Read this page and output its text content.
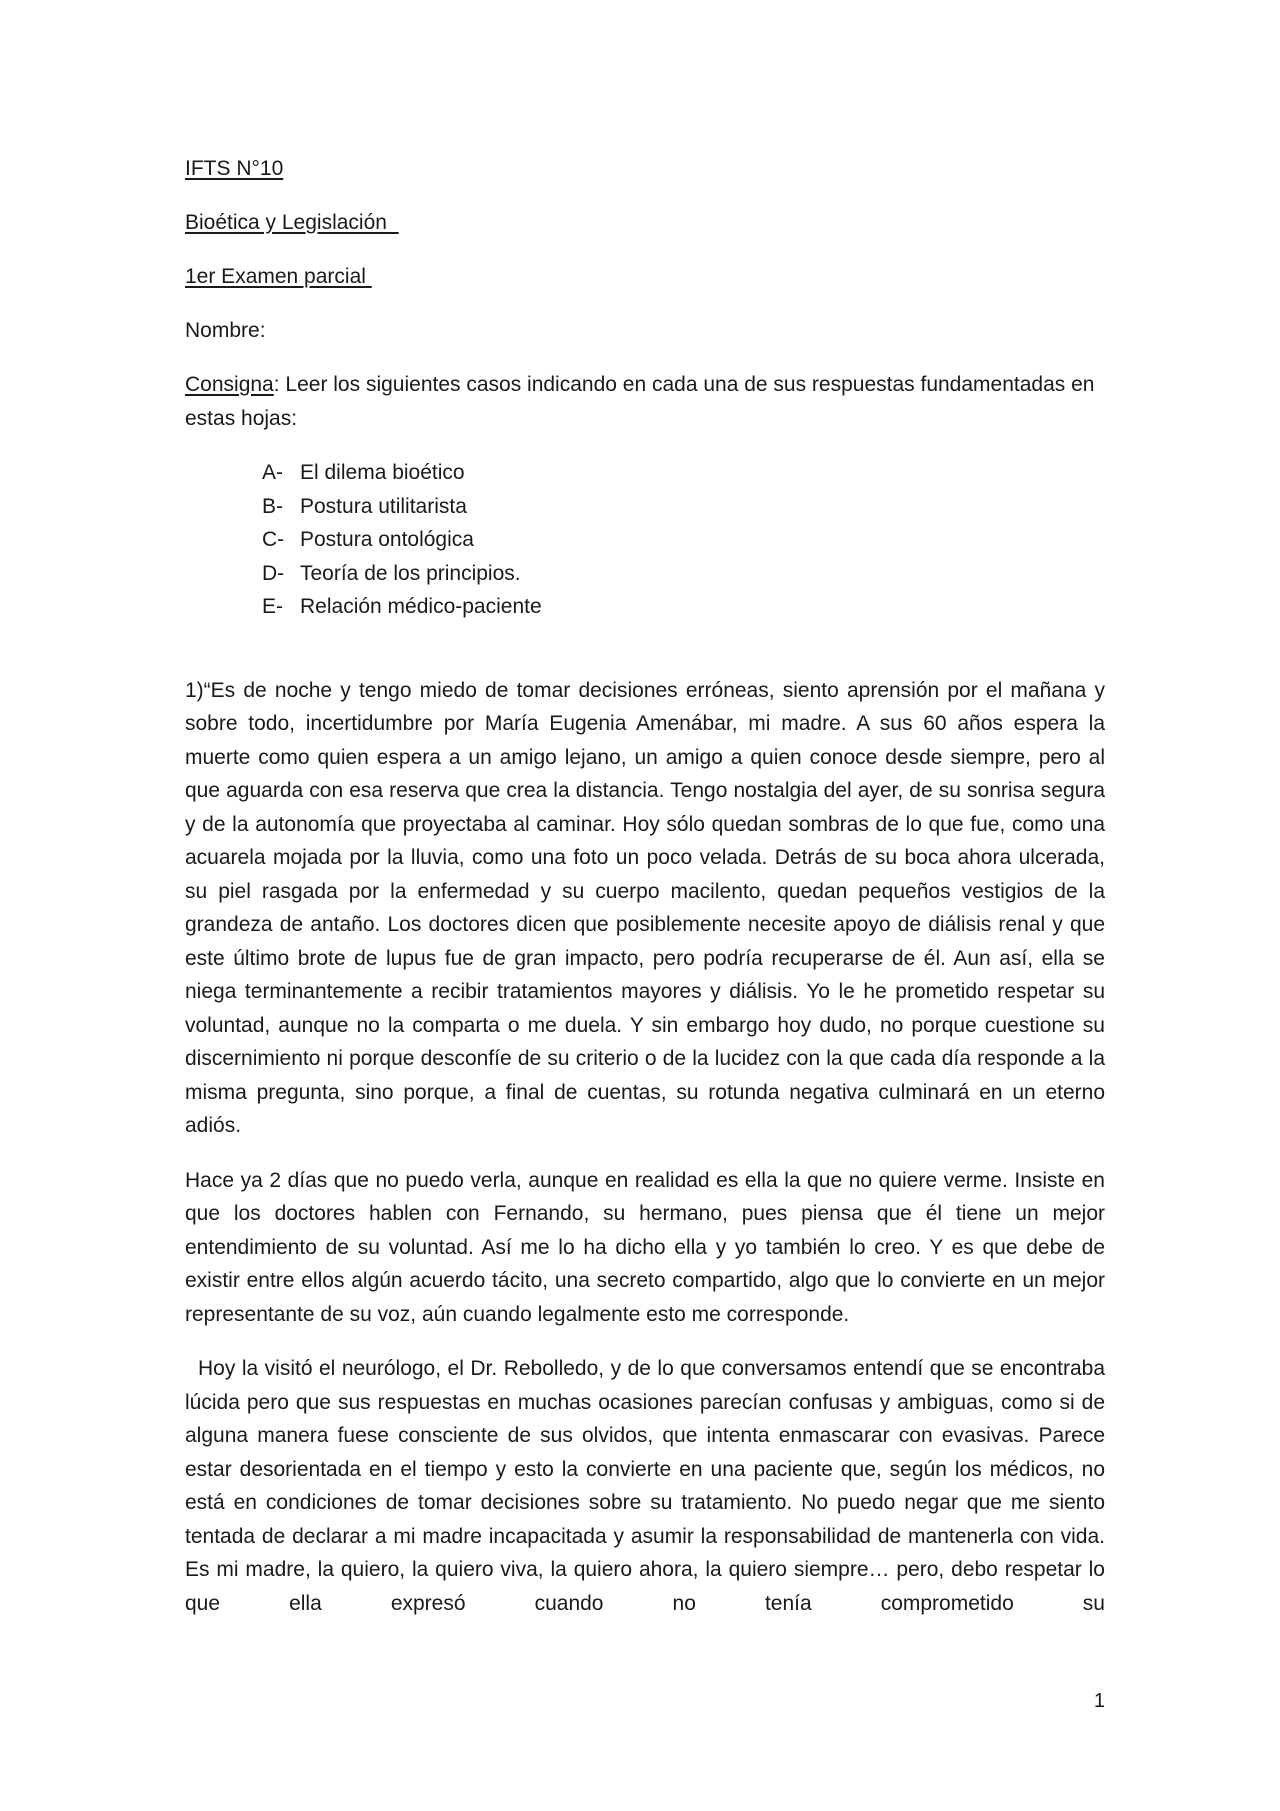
IFTS N°10
Bioética y Legislación
1er Examen parcial
Nombre:

Consigna: Leer los siguientes casos indicando en cada una de sus respuestas fundamentadas en estas hojas:

A- El dilema bioético
B- Postura utilitarista
C- Postura ontológica
D- Teoría de los principios.
E- Relación médico-paciente

1)“Es de noche y tengo miedo de tomar decisiones erróneas, siento aprensión por el mañana y sobre todo, incertidumbre por María Eugenia Amenábar, mi madre. A sus 60 años espera la muerte como quien espera a un amigo lejano, un amigo a quien conoce desde siempre, pero al que aguarda con esa reserva que crea la distancia. Tengo nostalgia del ayer, de su sonrisa segura y de la autonomía que proyectaba al caminar. Hoy sólo quedan sombras de lo que fue, como una acuarela mojada por la lluvia, como una foto un poco velada. Detrás de su boca ahora ulcerada, su piel rasgada por la enfermedad y su cuerpo macilento, quedan pequeños vestigios de la grandeza de antaño. Los doctores dicen que posiblemente necesite apoyo de diálisis renal y que este último brote de lupus fue de gran impacto, pero podría recuperarse de él. Aun así, ella se niega terminantemente a recibir tratamientos mayores y diálisis. Yo le he prometido respetar su voluntad, aunque no la comparta o me duela. Y sin embargo hoy dudo, no porque cuestione su discernimiento ni porque desconfíe de su criterio o de la lucidez con la que cada día responde a la misma pregunta, sino porque, a final de cuentas, su rotunda negativa culminará en un eterno adiós.

Hace ya 2 días que no puedo verla, aunque en realidad es ella la que no quiere verme. Insiste en que los doctores hablen con Fernando, su hermano, pues piensa que él tiene un mejor entendimiento de su voluntad. Así me lo ha dicho ella y yo también lo creo. Y es que debe de existir entre ellos algún acuerdo tácito, una secreto compartido, algo que lo convierte en un mejor representante de su voz, aún cuando legalmente esto me corresponde.

Hoy la visitó el neurólogo, el Dr. Rebolledo, y de lo que conversamos entendí que se encontraba lúcida pero que sus respuestas en muchas ocasiones parecían confusas y ambiguas, como si de alguna manera fuese consciente de sus olvidos, que intenta enmascarar con evasivas. Parece estar desorientada en el tiempo y esto la convierte en una paciente que, según los médicos, no está en condiciones de tomar decisiones sobre su tratamiento. No puedo negar que me siento tentada de declarar a mi madre incapacitada y asumir la responsabilidad de mantenerla con vida. Es mi madre, la quiero, la quiero viva, la quiero ahora, la quiero siempre… pero, debo respetar lo que ella expresó cuando no tenía comprometido su

1
